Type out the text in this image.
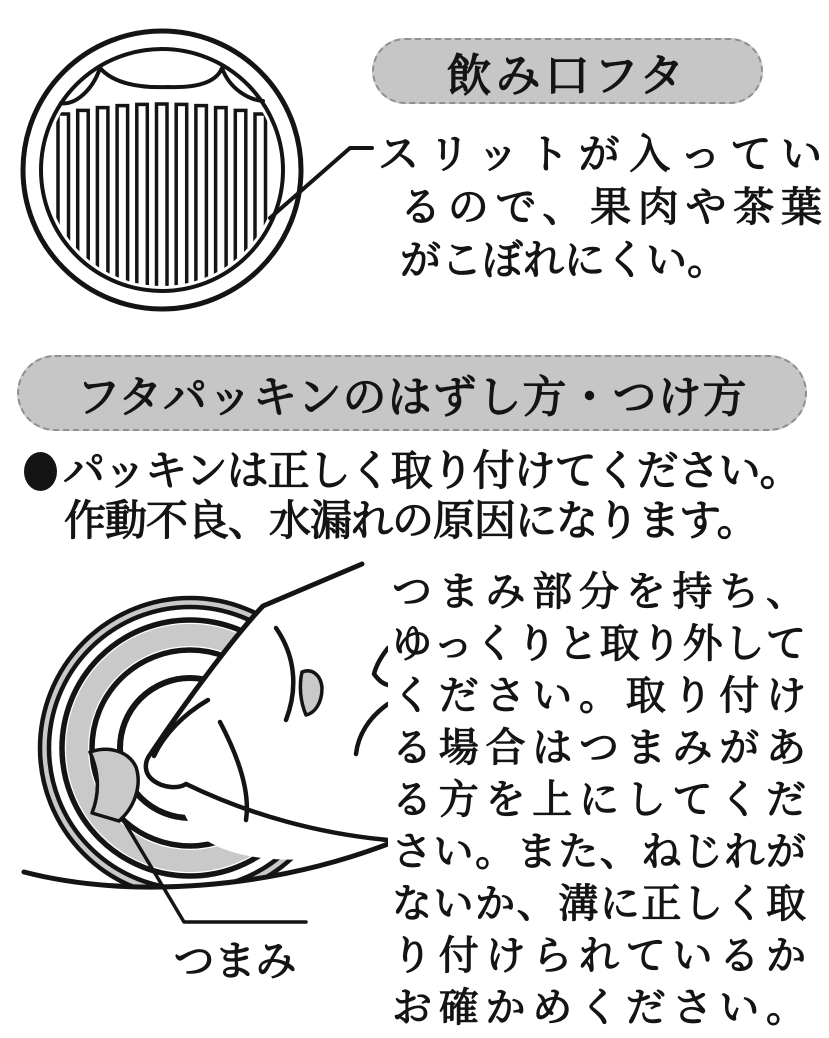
飲み口フタ
スリットが入ってい
るので、果肉や茶葉
がこぼれにくい。
フタパッキンのはずし方・つけ方
パッキンは正しく取り付けてください。
作動不良、水漏れの原因になります。
つまみ
つまみ部分を持ち、
ゆっくりと取り外して
ください。取り付け
る場合はつまみがあ
る方を上にしてくだ
さい。また、ねじれが
ないか、溝に正しく取
り付けられているか
お確かめください。
